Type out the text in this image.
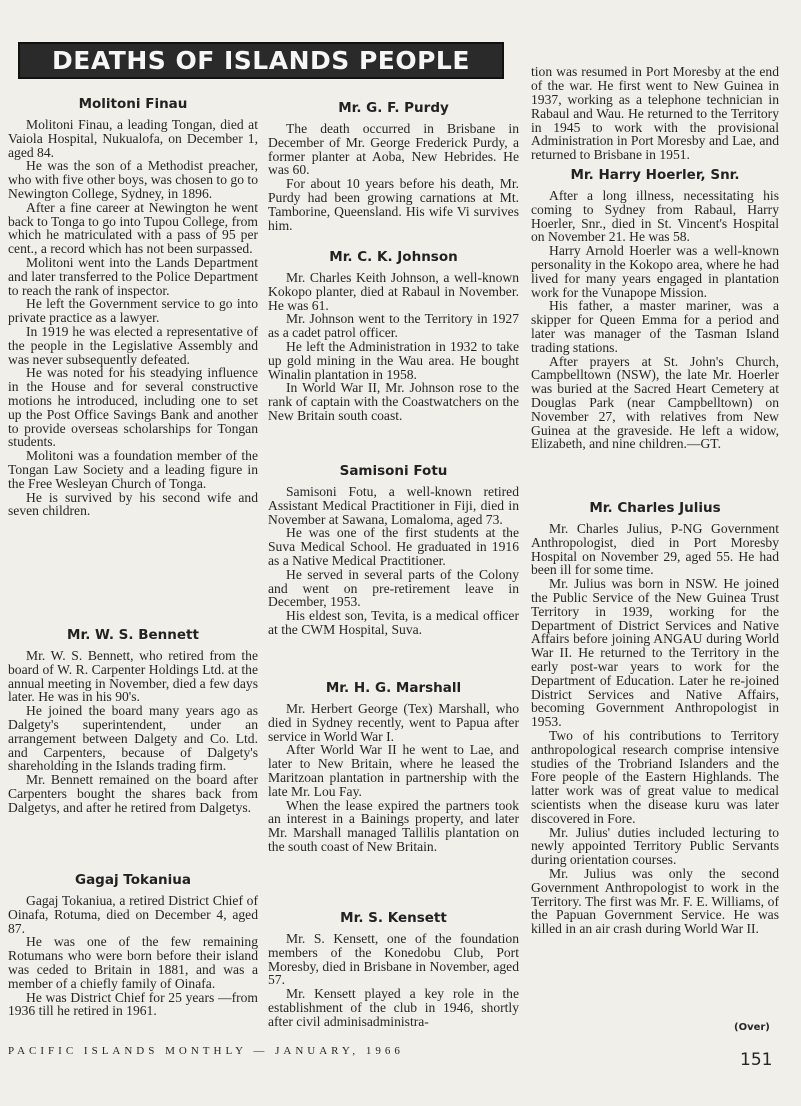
DEATHS OF ISLANDS PEOPLE
Molitoni Finau

Molitoni Finau, a leading Tongan, died at Vaiola Hospital, Nukualofa, on December 1, aged 84.

He was the son of a Methodist preacher, who with five other boys, was chosen to go to Newington College, Sydney, in 1896.

After a fine career at Newington he went back to Tonga to go into Tupou College, from which he matriculated with a pass of 95 per cent., a record which has not been surpassed.

Molitoni went into the Lands Department and later transferred to the Police Department to reach the rank of inspector.

He left the Government service to go into private practice as a lawyer.

In 1919 he was elected a representative of the people in the Legislative Assembly and was never subsequently defeated.

He was noted for his steadying influence in the House and for several constructive motions he introduced, including one to set up the Post Office Savings Bank and another to provide overseas scholarships for Tongan students.

Molitoni was a foundation member of the Tongan Law Society and a leading figure in the Free Wesleyan Church of Tonga.

He is survived by his second wife and seven children.

Mr. W. S. Bennett

Mr. W. S. Bennett, who retired from the board of W. R. Carpenter Holdings Ltd. at the annual meeting in November, died a few days later. He was in his 90's.

He joined the board many years ago as Dalgety's superintendent, under an arrangement between Dalgety and Co. Ltd. and Carpenters, because of Dalgety's shareholding in the Islands trading firm.

Mr. Bennett remained on the board after Carpenters bought the shares back from Dalgetys, and after he retired from Dalgetys.

Gagaj Tokaniua

Gagaj Tokaniua, a retired District Chief of Oinafa, Rotuma, died on December 4, aged 87.

He was one of the few remaining Rotumans who were born before their island was ceded to Britain in 1881, and was a member of a chiefly family of Oinafa.

He was District Chief for 25 years —from 1936 till he retired in 1961.

Mr. G. F. Purdy

The death occurred in Brisbane in December of Mr. George Frederick Purdy, a former planter at Aoba, New Hebrides. He was 60.

For about 10 years before his death, Mr. Purdy had been growing carnations at Mt. Tamborine, Queensland. His wife Vi survives him.

Mr. C. K. Johnson

Mr. Charles Keith Johnson, a well-known Kokopo planter, died at Rabaul in November. He was 61.

Mr. Johnson went to the Territory in 1927 as a cadet patrol officer.

He left the Administration in 1932 to take up gold mining in the Wau area. He bought Winalin plantation in 1958.

In World War II, Mr. Johnson rose to the rank of captain with the Coastwatchers on the New Britain south coast.

Samisoni Fotu

Samisoni Fotu, a well-known retired Assistant Medical Practitioner in Fiji, died in November at Sawana, Lomaloma, aged 73.

He was one of the first students at the Suva Medical School. He graduated in 1916 as a Native Medical Practitioner.

He served in several parts of the Colony and went on pre-retirement leave in December, 1953.

His eldest son, Tevita, is a medical officer at the CWM Hospital, Suva.

Mr. H. G. Marshall

Mr. Herbert George (Tex) Marshall, who died in Sydney recently, went to Papua after service in World War I.

After World War II he went to Lae, and later to New Britain, where he leased the Maritzoan plantation in partnership with the late Mr. Lou Fay.

When the lease expired the partners took an interest in a Bainings property, and later Mr. Marshall managed Tallilis plantation on the south coast of New Britain.

Mr. S. Kensett

Mr. S. Kensett, one of the foundation members of the Konedobu Club, Port Moresby, died in Brisbane in November, aged 57.

Mr. Kensett played a key role in the establishment of the club in 1946, shortly after civil adminisadministra-

tion was resumed in Port Moresby at the end of the war. He first went to New Guinea in 1937, working as a telephone technician in Rabaul and Wau. He returned to the Territory in 1945 to work with the provisional Administration in Port Moresby and Lae, and returned to Brisbane in 1951.

Mr. Harry Hoerler, Snr.

After a long illness, necessitating his coming to Sydney from Rabaul, Harry Hoerler, Snr., died in St. Vincent's Hospital on November 21. He was 58.

Harry Arnold Hoerler was a well-known personality in the Kokopo area, where he had lived for many years engaged in plantation work for the Vunapope Mission.

His father, a master mariner, was a skipper for Queen Emma for a period and later was manager of the Tasman Island trading stations.

After prayers at St. John's Church, Campbelltown (NSW), the late Mr. Hoerler was buried at the Sacred Heart Cemetery at Douglas Park (near Campbelltown) on November 27, with relatives from New Guinea at the graveside. He left a widow, Elizabeth, and nine children.—GT.

Mr. Charles Julius

Mr. Charles Julius, P-NG Government Anthropologist, died in Port Moresby Hospital on November 29, aged 55. He had been ill for some time.

Mr. Julius was born in NSW. He joined the Public Service of the New Guinea Trust Territory in 1939, working for the Department of District Services and Native Affairs before joining ANGAU during World War II. He returned to the Territory in the early post-war years to work for the Department of Education. Later he re-joined District Services and Native Affairs, becoming Government Anthropologist in 1953.

Two of his contributions to Territory anthropological research comprise intensive studies of the Trobriand Islanders and the Fore people of the Eastern Highlands. The latter work was of great value to medical scientists when the disease kuru was later discovered in Fore.

Mr. Julius' duties included lecturing to newly appointed Territory Public Servants during orientation courses.

Mr. Julius was only the second Government Anthropologist to work in the Territory. The first was Mr. F. E. Williams, of the Papuan Government Service. He was killed in an air crash during World War II.

(Over)
PACIFIC ISLANDS MONTHLY — JANUARY, 1966	151
